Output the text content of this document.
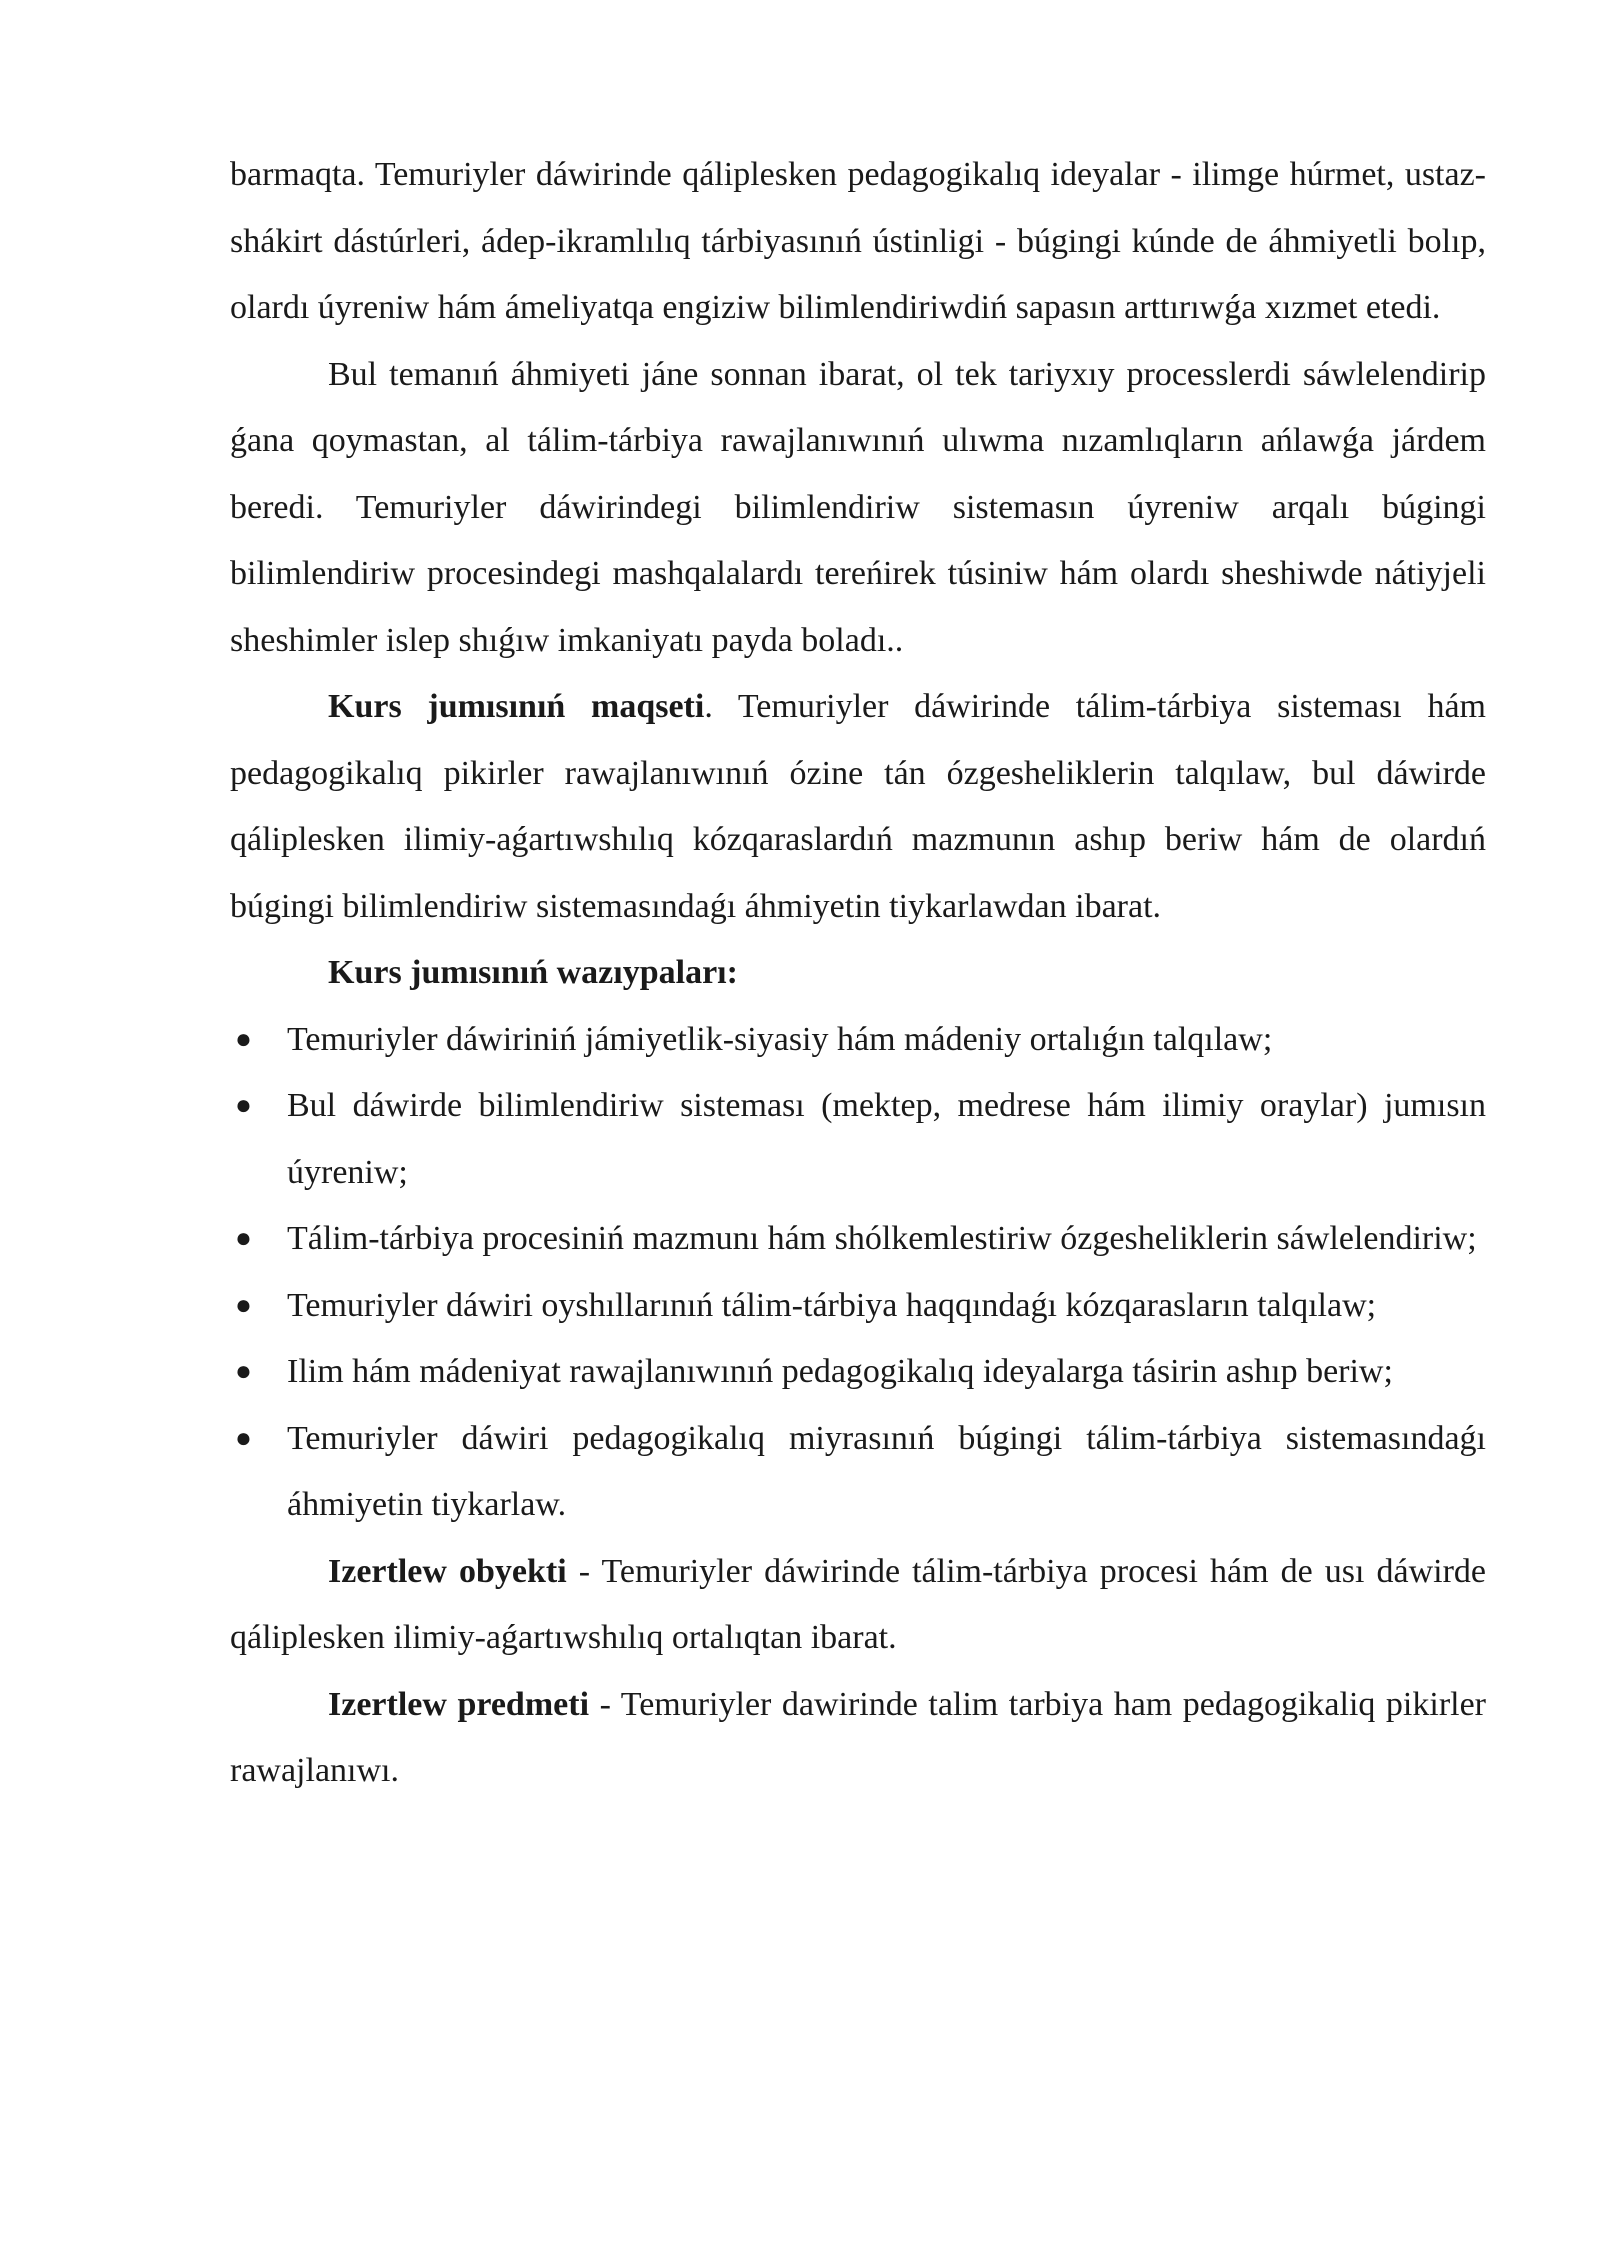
barmaqta. Temuriyler dáwirinde qáliplesken pedagogikalıq ideyalar - ilimge húrmet, ustaz-shákirt dástúrleri, ádep-ikramlılıq tárbiyasınıń ústinligi - búgingi kúnde de áhmiyetli bolıp, olardı úyreniw hám ámeliyatqa engiziw bilimlendiriwdiń sapasın arttırıwǵa xızmet etedi.

Bul temanıń áhmiyeti jáne sonnan ibarat, ol tek tariyxıy processlerdi sáwlelendirip ǵana qoymastan, al tálim-tárbiya rawajlanıwınıń ulıwma nızamlıqların ańlawǵa járdem beredi. Temuriyler dáwirindegi bilimlendiriw sistemasın úyreniw arqalı búgingi bilimlendiriw procesindegi mashqalalardı tereńirek túsiniw hám olardı sheshiwde nátiyjeli sheshimler islep shıǵıw imkaniyatı payda boladı..

Kurs jumısınıń maqseti. Temuriyler dáwirinde tálim-tárbiya sisteması hám pedagogikalıq pikirler rawajlanıwınıń ózine tán ózgesheliklerin talqılaw, bul dáwirde qáliplesken ilimiy-aǵartıwshılıq kózqaraslardıń mazmunın ashıp beriw hám de olardıń búgingi bilimlendiriw sistemasındaǵı áhmiyetin tiykarlawdan ibarat.

Kurs jumısınıń wazıypaları:

● Temuriyler dáwiriniń jámiyetlik-siyasiy hám mádeniy ortalıǵın talqılaw;
● Bul dáwirde bilimlendiriw sisteması (mektep, medrese hám ilimiy oraylar) jumısın úyreniw;
● Tálim-tárbiya procesiniń mazmunı hám shólkemlestiriw ózgesheliklerin sáwlelendiriw;
● Temuriyler dáwiri oyshıllarınıń tálim-tárbiya haqqındaǵı kózqarasların talqılaw;
● Ilim hám mádeniyat rawajlanıwınıń pedagogikalıq ideyalarga tásirin ashıp beriw;
● Temuriyler dáwiri pedagogikalıq miyrasınıń búgingi tálim-tárbiya sistemasındaǵı áhmiyetin tiykarlaw.

Izertlew obyekti - Temuriyler dáwirinde tálim-tárbiya procesi hám de usı dáwirde qáliplesken ilimiy-aǵartıwshılıq ortalıqtan ibarat.

Izertlew predmeti - Temuriyler dawirinde talim tarbiya ham pedagogikaliq pikirler rawajlanıwı.
